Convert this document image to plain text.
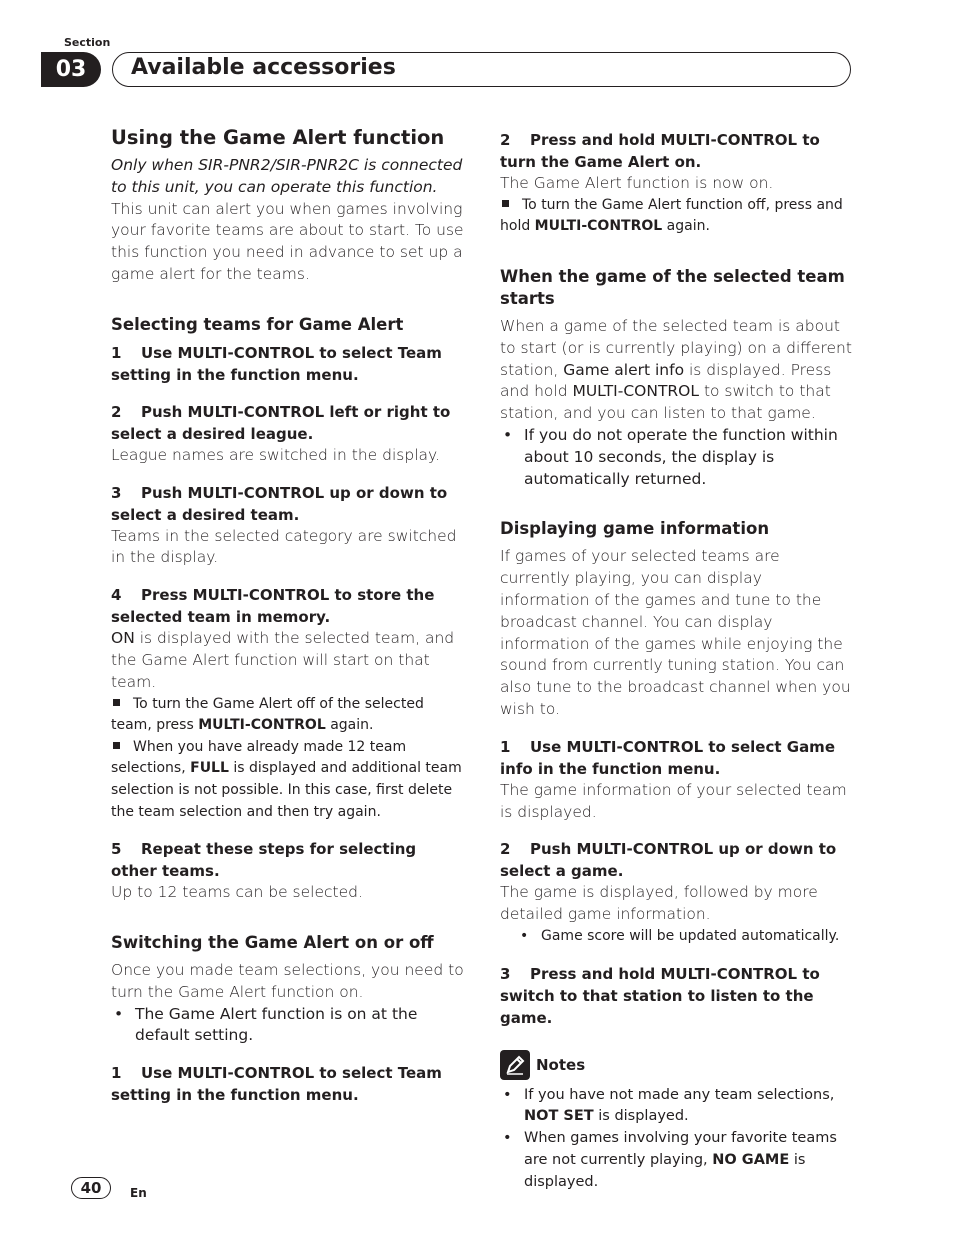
Section
03	Available accessories
Using the Game Alert function

Only when SIR-PNR2/SIR-PNR2C is connected to this unit, you can operate this function.

This unit can alert you when games involving your favorite teams are about to start. To use this function you need in advance to set up a game alert for the teams.

Selecting teams for Game Alert
1 Use MULTI-CONTROL to select Team setting in the function menu.
2 Push MULTI-CONTROL left or right to select a desired league.

League names are switched in the display.

3 Push MULTI-CONTROL up or down to select a desired team.

Teams in the selected category are switched in the display.

4 Press MULTI-CONTROL to store the selected team in memory.

ON is displayed with the selected team, and the Game Alert function will start on that team.

To turn the Game Alert off of the selected team, press MULTI-CONTROL again.
When you have already made 12 team selections, FULL is displayed and additional team selection is not possible. In this case, first delete the team selection and then try again.
5 Repeat these steps for selecting other teams.

Up to 12 teams can be selected.

Switching the Game Alert on or off

Once you made team selections, you need to turn the Game Alert function on.

• The Game Alert function is on at the default setting.
1 Use MULTI-CONTROL to select Team setting in the function menu.
2 Press and hold MULTI-CONTROL to turn the Game Alert on.

The Game Alert function is now on.

To turn the Game Alert function off, press and hold MULTI-CONTROL again.
When the game of the selected team starts

When a game of the selected team is about to start (or is currently playing) on a different station, Game alert info is displayed. Press and hold MULTI-CONTROL to switch to that station, and you can listen to that game.

• If you do not operate the function within about 10 seconds, the display is automatically returned.
Displaying game information

If games of your selected teams are currently playing, you can display information of the games and tune to the broadcast channel. You can display information of the games while enjoying the sound from currently tuning station. You can also tune to the broadcast channel when you wish to.

1 Use MULTI-CONTROL to select Game info in the function menu.

The game information of your selected team is displayed.

2 Push MULTI-CONTROL up or down to select a game.

The game is displayed, followed by more detailed game information.

• Game score will be updated automatically.
3 Press and hold MULTI-CONTROL to switch to that station to listen to the game.
Notes
• If you have not made any team selections, NOT SET is displayed.
• When games involving your favorite teams are not currently playing, NO GAME is displayed.
40	En
